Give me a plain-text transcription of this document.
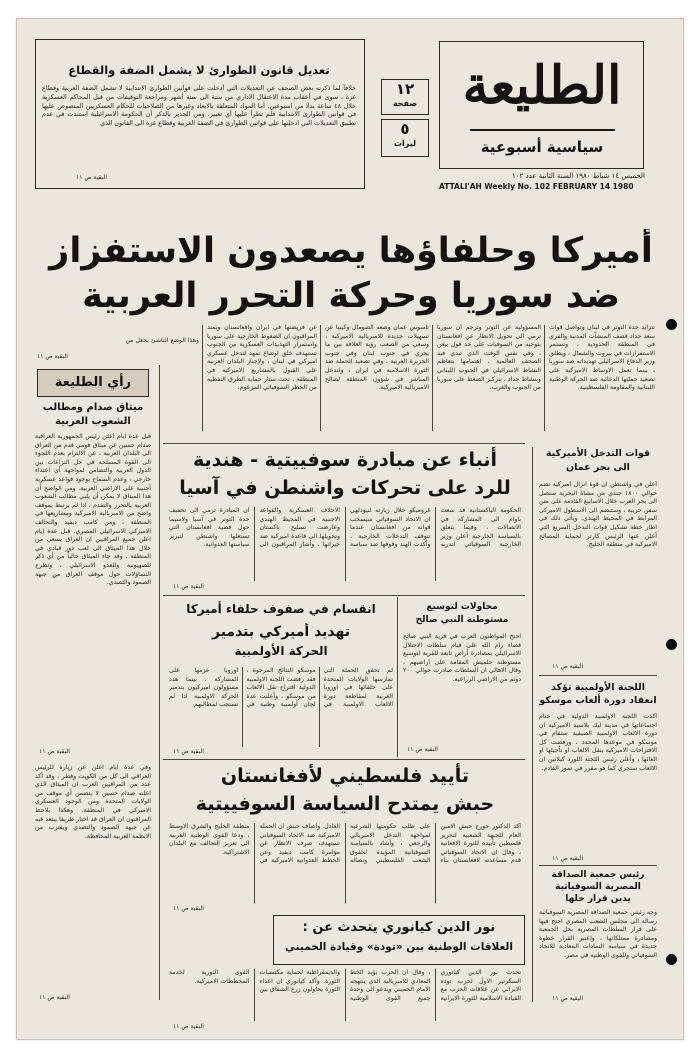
الطليعة
سياسية أسبوعية
الخميس ١٤ شباط ١٩٨٠ السنة الثانية عدد ١٠٢
ATTALI'AH Weekly No. 102 FEBRUARY 14 1980
١٢
صفحة
٥
ليرات
تعديل قانون الطوارئ لا يشمل الضفة والقطاع
خلافاً لما ذكرته بعض الصحف عن التعديلات التي أدخلت على قوانين الطوارئ الانتدابية لا تشمل الضفة الغربية وقطاع غزة ، سوى في أعقاب مدة الاعتقال الاداري من ستة الى ستة أشهر ومراجعة التوقيفات من قبل المحاكم العسكرية خلال ٤٨ ساعة بدلا من اسبوعين. أما المواد المتعلقة بالابعاد وغيرها من الصلاحيات للحكام العسكريين المنصوص عليها في قوانين الطوارئ الانتدابية فلم تطرأ عليها أي تغيير. ومن الجدير بالذكر أن الحكومة الاسرائيلية استندت في عدم تطبيق التعديلات التي ادخلتها على قوانين الطوارئ في الضفة الغربية وقطاع غزة الى القانون الذي
البقية ص ١١
أميركا وحلفاؤها يصعدون الاستفزاز
ضد سوريا وحركة التحرر العربية
تتزايد حدة التوتر في لبنان وتواصل قوات سعد حداد قصف المنشآت المدنية والقرى في المنطقة الحدودية ، وتستمر الاستفزازات في بيروت والشمال ، ويطلق وزير الدفاع الاسرائيلي تهديداته ضد سوريا ، بينما تعمل الاوساط الاميركية على تصعيد حملتها الدعائية ضد الحركة الوطنية اللبنانية والمقاومة الفلسطينية.
المسؤولية عن التوتر وترجم أن سوريا ترمي الى تحويل الانظار عن افغانستان بتوجيه من السوفيات على حد قول بيغن ، وفي نفس الوقت الذي تبدي فيه الصحف العالمية ، اهتمامها بتعاظم النشاط الاسرائيلي في الجنوب اللبناني وبنشاط حداد ، بتركيز الضغط على سوريا من الجنوب والغرب.
تاسوس عمان وضعه الصومال وكينيا عن تسهيلات جديدة للامبريالية الاميركية ، وسعي من الصعب رؤية العلاقة بين ما يجري في جنوب لبنان وفي جنوب الجزيرة العربية ، وفي تصعيد الحملة ضد الثورة الاسلامية في ايران ، ولتدخل المباشر في شؤون المنطقة لصالح الامبريالية الاميركية.
عن فريضتها في ايران وافغانستان ويمتد المراقبون ان الضغوط الخارجية على سوريا واستمرار التهديدات العسكرية من الجنوب تستهدف خلق اوضاع تمهد لتدخل عسكري اميركي في لبنان ، ولإجبار البلدان العربية على القبول بالمشاريع الاميركية في المنطقة ، تحت ستار حماية الطرق النفطية من الخطر السوفياتي المزعوم.
وهذا الوضع الناشئ يجعل من
البقية ص ١١
رأي الطليعة
ميثاق صدام ومطالب الشعوب العربية
قبل عدة ايام اعلن رئيس الجمهورية العراقية صدام حسين عن ميثاق قومي قدم من العراق الى البلدان العربية ، عن الالتزام بعدم اللجوء الى القوة المسلحة في حل النزاعات بين الدول العربية والتضامن لمواجهة أي اعتداء خارجي ، وعدم السماح بوجود قواعد عسكرية أجنبية على الاراضي العربية. ومن الواضح أن هذا الميثاق لا يمكن أن يلبي مطالب الشعوب العربية بالتحرر والتقدم ، اذا لم يرتبط بموقف واضح من الامبريالية الاميركية ومشاريعها في المنطقة ، ومن كامب ديفيد والتحالف الاميركي الاسرائيلي المصري. قبل عدة ايام اعلن جميع المراقبين ان العراق يسعى من خلال هذا الميثاق الى لعب دور قيادي في المنطقة ، وقد جاء الميثاق خالياً من أي ذكر للصهيونية وللعدو الاسرائيلي ، وتطرح التساؤلات حول موقف العراق من جبهة الصمود والتصدي.
البقية ص ١١
وفي عدة ايام اعلن عن زيارة للرئيس العراقي الى كل من الكويت وقطر ، وقد أكد عدد من المراقبين العرب ان الميثاق الذي اعلنه صدام حسين لا يتضمن أي موقف من الولايات المتحدة ومن الوجود العسكري الاميركي في المنطقة. وهكذا يلاحظ المراقبون ان العراق قد اختار طريقا يبتعد فيه عن جبهة الصمود والتصدي ويقترب من الانظمة العربية المحافظة.
البقية ص ١١
قوات التدخل الأميركية
الى بحر عمان
أعلن في واشنطن ان قوة انزال أميركية تضم حوالي ١٨٠٠ جندي من مشاة البحرية ستصل الى بحر العرب خلال الاسابيع القادمة على متن سفن حربية ، وستنضم الى الاسطول الاميركي المرابط في المحيط الهندي. ويأتي ذلك في اطار خطة تشكيل قوات التدخل السريع التي أعلن عنها الرئيس كارتر لحماية المصالح الاميركية في منطقة الخليج.
البقية ص ١١
اللجنة الأولمبية تؤكد
انعقاد دورة ألعاب موسكو
أكدت اللجنة الاولمبية الدولية في ختام اجتماعاتها في مدينة ليك بلاسيد الاميركية ان دورة الالعاب الاولمبية الصيفية ستقام في موسكو في موعدها المحدد ، ورفضت كل الاقتراحات الاميركية بنقل الالعاب او تأجيلها او الغائها ، وأعلن رئيس اللجنة اللورد كيلانين ان الالعاب ستجري كما هو مقرر في تموز القادم.
البقية ص ١١
رئيس جمعية الصداقة
المصرية السوفياتية
يدين قرار حلها
وجه رئيس جمعية الصداقة المصرية السوفياتية رسالة الى مجلس الشعب المصري احتج فيها على قرار السلطات المصرية بحل الجمعية ومصادرة ممتلكاتها ، واعتبر القرار خطوة جديدة في سياسة السادات المعادية للاتحاد السوفياتي وللقوى الوطنية في مصر.
البقية ص ١١
أنباء عن مبادرة سوفييتية - هندية
للرد على تحركات واشنطن في آسيا
الحكومة الباكستانية قد سعت باوام الى المشاركة في الاتصالات ، وفيما يتعلق بالسياسة الخارجية أعلن وزير الخارجية السوفياتي اندريه غروميكو خلال زيارته لنيودلهي ان الاتحاد السوفياتي سيسحب قواته من افغانستان عندما تتوقف التدخلات الخارجية ، وأكدت الهند وقوفها ضد سياسة الاحلاف العسكرية والقواعد الاجنبية في المحيط الهندي وعارضت تسليح باكستان وتحويلها الى قاعدة اميركية ضد جيرانها ، وأشار المراقبون الى أن المبادرة ترمي الى تخفيف حدة التوتر في آسيا ولاسيما حول قضية افغانستان التي تستغلها واشنطن لتبرير سياستها العدوانية.
البقية ص ١١
انقسام في صفوف حلفاء أميركا
تهديد أميركي بتدمير
الحركة الأولمبية
لم تحقق الحملة التي تمارسها الولايات المتحدة على حلفائها في اوروبا الغربية لمقاطعة دورة الالعاب الاولمبية في موسكو النتائج المرجوة ، فقد رفضت اللجنة الاولمبية الدولية اقتراح نقل الالعاب من موسكو ، وأعلنت عدة لجان أولمبية وطنية في أوروبا عزمها على المشاركة ، بينما هدد مسؤولون اميركيون بتدمير الحركة الاولمبية اذا لم تستجب لمطالبهم.
البقية ص ١١
محاولات لتوسيع
مستوطنة النبي صالح
احتج المواطنون العرب في قرية النبي صالح قضاء رام الله على قيام سلطات الاحتلال الاسرائيلي بمصادرة أراض تابعة للقرية لتوسيع مستوطنة حلميش المقامة على اراضيهم ، وقال الاهالي ان السلطات صادرت حوالي ٢٠٠ دونم من الاراضي الزراعية.
البقية ص ١١
تأييد فلسطيني لأفغانستان
حبش يمتدح السياسة السوفييتية
أكد الدكتور جورج حبش الامين العام للجبهة الشعبية لتحرير فلسطين تأييده للثورة الافغانية ، وقال ان الاتحاد السوفياتي قدم مساعدته لافغانستان بناء على طلب حكومتها الشرعية لمواجهة التدخل الامبريالي والرجعي ، وأشاد بالسياسة السوفياتية المؤيدة لحقوق الشعب الفلسطيني ونضاله العادل. وأضاف حبش ان الحملة الاميركية ضد الاتحاد السوفياتي تستهدف صرف الانظار عن مؤامرة كامب ديفيد وعن الخطط العدوانية الاميركية في منطقة الخليج والشرق الاوسط ، ودعا القوى الوطنية العربية الى تعزيز التحالف مع البلدان الاشتراكية.
البقية ص ١١
نور الدين كيانوري يتحدث عن :
العلاقات الوطنية بين «تودة» وقيادة الخميني
تحدث نور الدين كيانوري السكرتير الاول لحزب توده الايراني عن علاقات الحزب مع القيادة الاسلامية للثورة الايرانية ، وقال ان الحزب يؤيد الخط المعادي للامبريالية الذي ينتهجه الامام الخميني ويدعو الى وحدة جميع القوى الوطنية والديمقراطية لحماية مكتسبات الثورة. وأكد كيانوري ان اعداء الثورة يحاولون زرع الشقاق بين القوى الثورية لخدمة المخططات الاميركية.
البقية ص ١١
